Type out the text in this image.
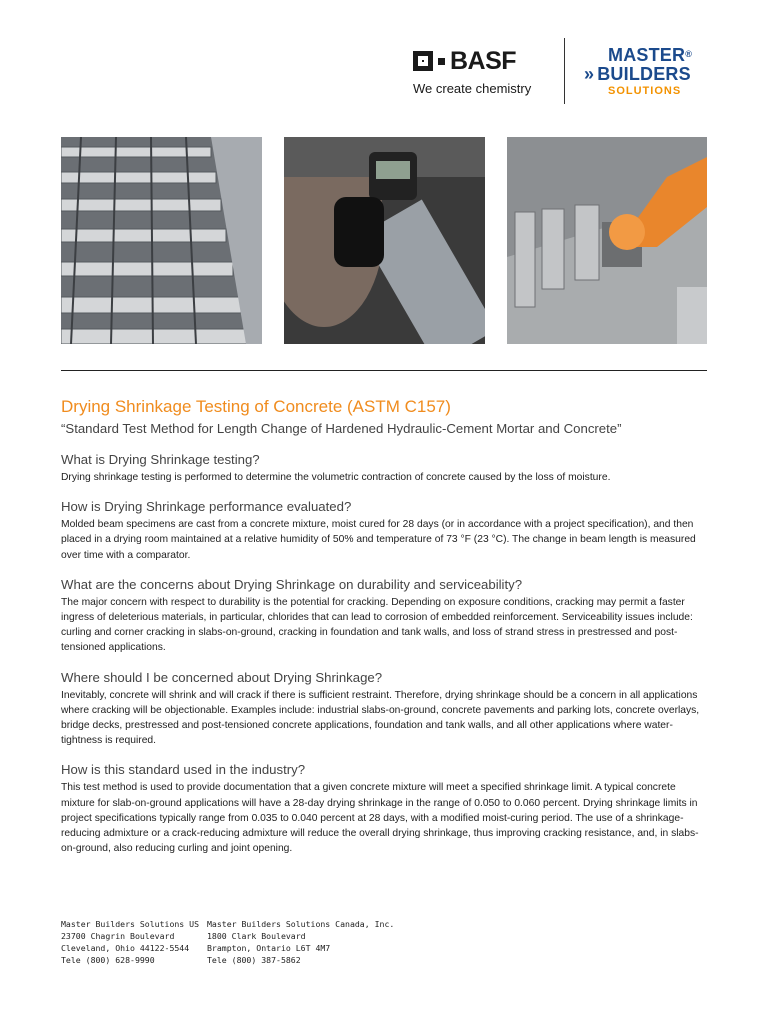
BASF
We create chemistry
MASTER®
» BUILDERS
SOLUTIONS
Drying Shrinkage Testing of Concrete (ASTM C157)

“Standard Test Method for Length Change of Hardened Hydraulic-Cement Mortar and Concrete”

What is Drying Shrinkage testing?

Drying shrinkage testing is performed to determine the volumetric contraction of concrete caused by the loss of moisture.

How is Drying Shrinkage performance evaluated?

Molded beam specimens are cast from a concrete mixture, moist cured for 28 days (or in accordance with a project specification), and then placed in a drying room maintained at a relative humidity of 50% and temperature of 73 °F (23 °C). The change in beam length is measured over time with a comparator.

What are the concerns about Drying Shrinkage on durability and serviceability?

The major concern with respect to durability is the potential for cracking. Depending on exposure conditions, cracking may permit a faster ingress of deleterious materials, in particular, chlorides that can lead to corrosion of embedded reinforcement. Serviceability issues include: curling and corner cracking in slabs-on-ground, cracking in foundation and tank walls, and loss of strand stress in prestressed and post-tensioned applications.

Where should I be concerned about Drying Shrinkage?

Inevitably, concrete will shrink and will crack if there is sufficient restraint. Therefore, drying shrinkage should be a concern in all applications where cracking will be objectionable. Examples include: industrial slabs-on-ground, concrete pavements and parking lots, concrete overlays, bridge decks, prestressed and post-tensioned concrete applications, foundation and tank walls, and all other applications where water-tightness is required.

How is this standard used in the industry?

This test method is used to provide documentation that a given concrete mixture will meet a specified shrinkage limit. A typical concrete mixture for slab-on-ground applications will have a 28-day drying shrinkage in the range of 0.050 to 0.060 percent. Drying shrinkage limits in project specifications typically range from 0.035 to 0.040 percent at 28 days, with a modified moist-curing period. The use of a shrinkage-reducing admixture or a crack-reducing admixture will reduce the overall drying shrinkage, thus improving cracking resistance, and, in slabs-on-ground, also reducing curling and joint opening.

Master Builders Solutions US
23700 Chagrin Boulevard
Cleveland, Ohio 44122-5544
Tele (800) 628-9990
Master Builders Solutions Canada, Inc.
1800 Clark Boulevard
Brampton, Ontario L6T 4M7
Tele (800) 387-5862
